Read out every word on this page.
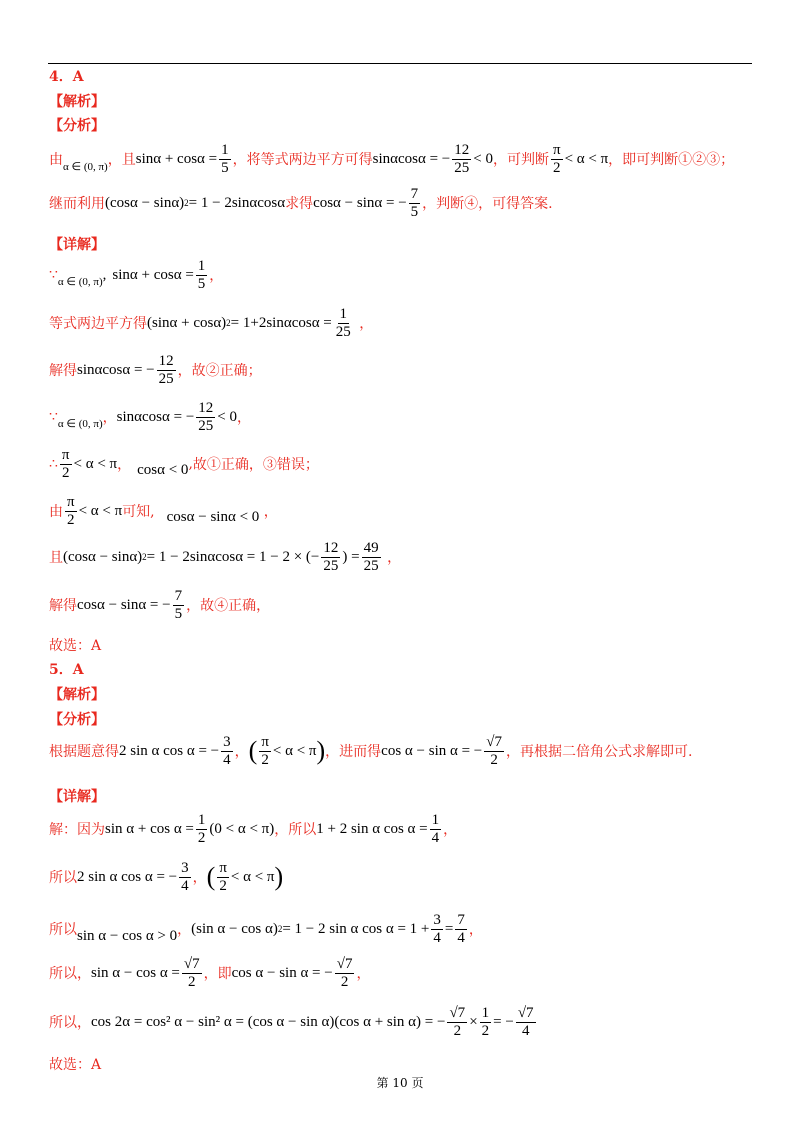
4．A
【解析】
【分析】
由 α ∈ (0, π) ，且 $\sin\alpha + \cos\alpha = \frac{1}{5}$ ，将等式两边平方可得 sinαcosα = − $\frac{12}{25} < 0$ ，可判断 $\frac{\pi}{2} < \alpha < \pi$ ，即可判断①②③；
继而利用 (cosα − sinα) 2 = 1 − 2sinαcosα 求得 cosα − sinα = − $\frac{7}{5}$ ，判断④，可得答案.
【详解】
∵ α ∈ (0, π) , $\sin\alpha + \cos\alpha = \frac{1}{5}$ ，
等式两边平方得 (sinα + cosα) $2 = 1+2\sin\alpha\cos\alpha = \frac{1}{25}$ ，
解得 sinαcosα = − $\frac{12}{25}$ ，故②正确；
∵ α ∈ (0, π) ， sinαcosα = − $\frac{12}{25} < 0$ ，
∴ $\frac{\pi}{2} < \alpha < \pi$ ， cosα < 0 , 故①正确，③错误；
由 $\frac{\pi}{2} < \alpha < \pi$ 可知, cosα − sinα < 0 ，
且 (cosα − sinα) 2 = 1 − 2sinαcosα = 1 − 2 × (− $\frac{12}{25}$ ) = $\frac{49}{25}$ ，
解得 cosα − sinα = − $\frac{7}{5}$ ，故④正确，
故选：A
5．A
【解析】
【分析】
根据题意得 2 sin α cos α = − $\frac{3}{4}$ ， ( $\frac{\pi}{2} < \alpha < \pi$ ) ，进而得 cos α − sin α = − $\frac{√7}{2}$ ，再根据二倍角公式求解即可.
【详解】
解：因为 $\sin \alpha + \cos \alpha = \frac{1}{2} (0 < \alpha < \pi)$ ，所以 1 + 2 sin α $\cos \alpha = \frac{1}{4}$ ，
所以 2 sin α cos α = − $\frac{3}{4}$ ， ( $\frac{\pi}{2} < \alpha < \pi$ )
所以 sin α − cos α > 0 ， (sin α − cos α) 2 = 1 − 2 sin α $\cos \alpha = 1 + \frac{3}{4} = \frac{7}{4}$ ，
所以， $\sin \alpha - \cos \alpha = \frac{√7}{2}$ ，即 cos α − sin α = − $\frac{√7}{2}$ ，
所以， cos 2α = cos² α − sin² α = (cos α − sin α)(cos α + sin α) = − $\frac{√7}{2} \times \frac{1}{2}$ = − $\frac{√7}{4}$
故选：A
第 10 页
